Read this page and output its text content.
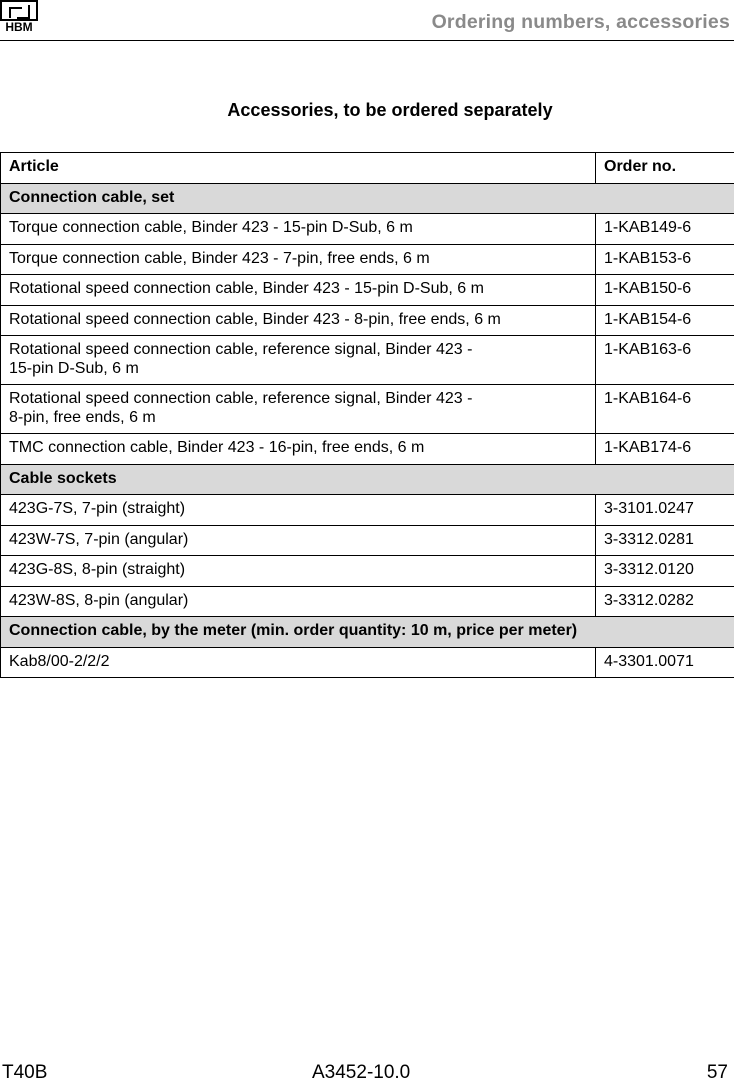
HBM	Ordering numbers, accessories
Accessories, to be ordered separately
Article	Order no.
Connection cable, set	
Torque connection cable, Binder 423 - 15-pin D-Sub, 6 m	1-KAB149-6
Torque connection cable, Binder 423 - 7-pin, free ends, 6 m	1-KAB153-6
Rotational speed connection cable, Binder 423 - 15-pin D-Sub, 6 m	1-KAB150-6
Rotational speed connection cable, Binder 423 - 8-pin, free ends, 6 m	1-KAB154-6
Rotational speed connection cable, reference signal, Binder 423 -
15-pin D-Sub, 6 m	1-KAB163-6
Rotational speed connection cable, reference signal, Binder 423 -
8-pin, free ends, 6 m	1-KAB164-6
TMC connection cable, Binder 423 - 16-pin, free ends, 6 m	1-KAB174-6
Cable sockets	
423G-7S, 7-pin (straight)	3-3101.0247
423W-7S, 7-pin (angular)	3-3312.0281
423G-8S, 8-pin (straight)	3-3312.0120
423W-8S, 8-pin (angular)	3-3312.0282
Connection cable, by the meter (min. order quantity: 10 m, price per meter)	
Kab8/00-2/2/2	4-3301.0071
T40B	A3452-10.0	57
